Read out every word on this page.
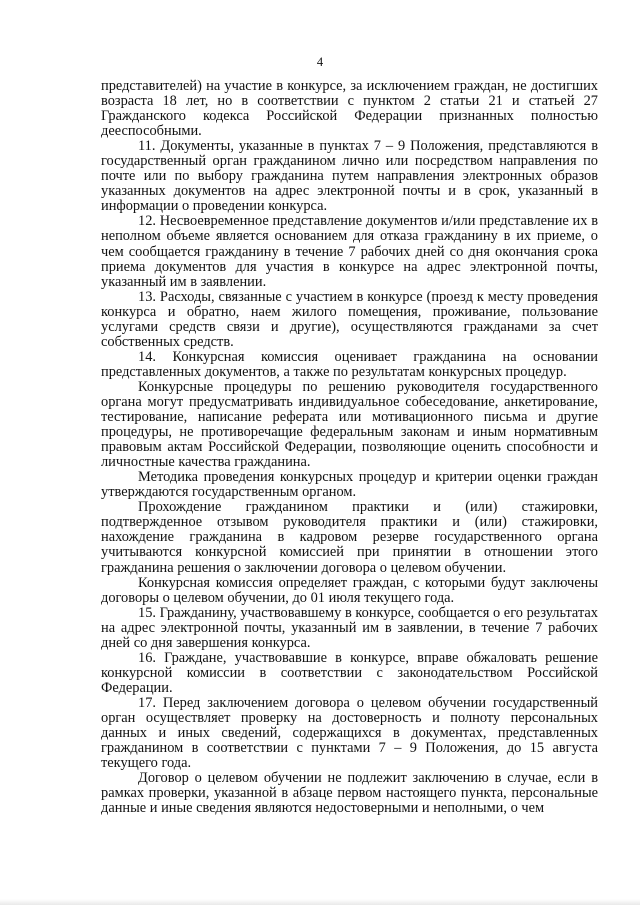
4

представителей) на участие в конкурсе, за исключением граждан, не достигших возраста 18 лет, но в соответствии с пунктом 2 статьи 21 и статьей 27 Гражданского кодекса Российской Федерации признанных полностью дееспособными.

11. Документы, указанные в пунктах 7 – 9 Положения, представляются в государственный орган гражданином лично или посредством направления по почте или по выбору гражданина путем направления электронных образов указанных документов на адрес электронной почты и в срок, указанный в информации о проведении конкурса.

12. Несвоевременное представление документов и/или представление их в неполном объеме является основанием для отказа гражданину в их приеме, о чем сообщается гражданину в течение 7 рабочих дней со дня окончания срока приема документов для участия в конкурсе на адрес электронной почты, указанный им в заявлении.

13. Расходы, связанные с участием в конкурсе (проезд к месту проведения конкурса и обратно, наем жилого помещения, проживание, пользование услугами средств связи и другие), осуществляются гражданами за счет собственных средств.

14. Конкурсная комиссия оценивает гражданина на основании представленных документов, а также по результатам конкурсных процедур.

Конкурсные процедуры по решению руководителя государственного органа могут предусматривать индивидуальное собеседование, анкетирование, тестирование, написание реферата или мотивационного письма и другие процедуры, не противоречащие федеральным законам и иным нормативным правовым актам Российской Федерации, позволяющие оценить способности и личностные качества гражданина.

Методика проведения конкурсных процедур и критерии оценки граждан утверждаются государственным органом.

Прохождение гражданином практики и (или) стажировки, подтвержденное отзывом руководителя практики и (или) стажировки, нахождение гражданина в кадровом резерве государственного органа учитываются конкурсной комиссией при принятии в отношении этого гражданина решения о заключении договора о целевом обучении.

Конкурсная комиссия определяет граждан, с которыми будут заключены договоры о целевом обучении, до 01 июля текущего года.

15. Гражданину, участвовавшему в конкурсе, сообщается о его результатах на адрес электронной почты, указанный им в заявлении, в течение 7 рабочих дней со дня завершения конкурса.

16. Граждане, участвовавшие в конкурсе, вправе обжаловать решение конкурсной комиссии в соответствии с законодательством Российской Федерации.

17. Перед заключением договора о целевом обучении государственный орган осуществляет проверку на достоверность и полноту персональных данных и иных сведений, содержащихся в документах, представленных гражданином в соответствии с пунктами 7 – 9 Положения, до 15 августа текущего года.

Договор о целевом обучении не подлежит заключению в случае, если в рамках проверки, указанной в абзаце первом настоящего пункта, персональные данные и иные сведения являются недостоверными и неполными, о чем
